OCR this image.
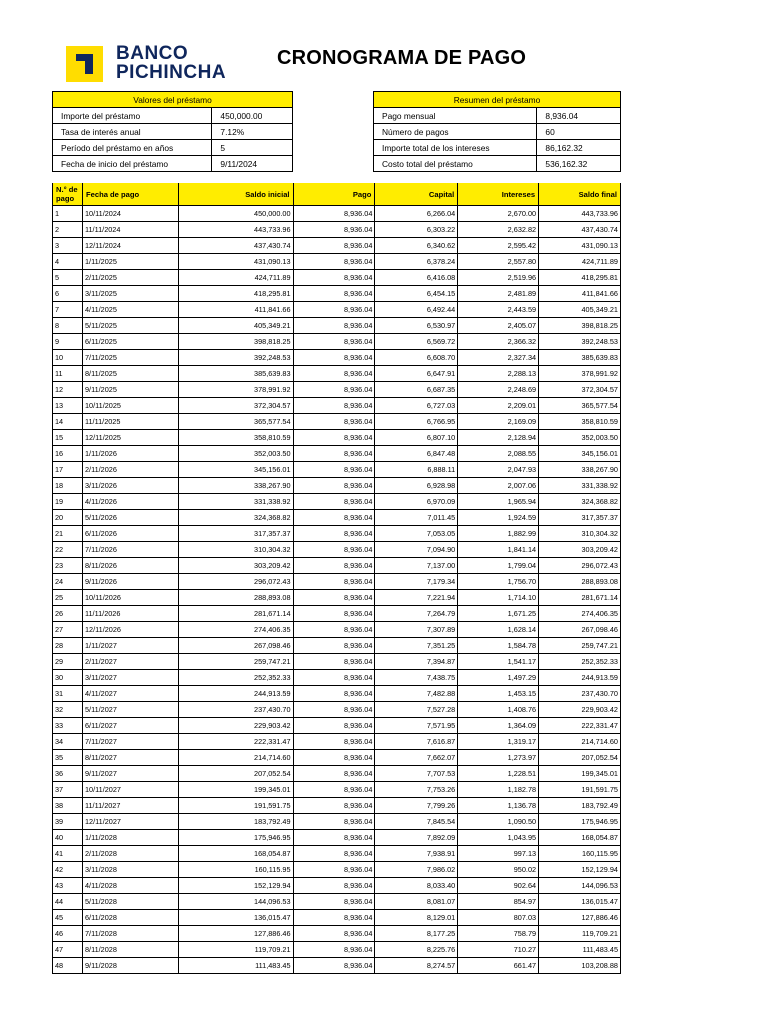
BANCO
PICHINCHA
CRONOGRAMA DE PAGO
Valores del préstamo	
Importe del préstamo	450,000.00
Tasa de interés anual	7.12%
Período del préstamo en años	5
Fecha de inicio del préstamo	9/11/2024
Resumen del préstamo	
Pago mensual	8,936.04
Número de pagos	60
Importe total de los intereses	86,162.32
Costo total del préstamo	536,162.32
N.° de pago	Fecha de pago	Saldo inicial	Pago	Capital	Intereses	Saldo final
1	10/11/2024	450,000.00	8,936.04	6,266.04	2,670.00	443,733.96
2	11/11/2024	443,733.96	8,936.04	6,303.22	2,632.82	437,430.74
3	12/11/2024	437,430.74	8,936.04	6,340.62	2,595.42	431,090.13
4	1/11/2025	431,090.13	8,936.04	6,378.24	2,557.80	424,711.89
5	2/11/2025	424,711.89	8,936.04	6,416.08	2,519.96	418,295.81
6	3/11/2025	418,295.81	8,936.04	6,454.15	2,481.89	411,841.66
7	4/11/2025	411,841.66	8,936.04	6,492.44	2,443.59	405,349.21
8	5/11/2025	405,349.21	8,936.04	6,530.97	2,405.07	398,818.25
9	6/11/2025	398,818.25	8,936.04	6,569.72	2,366.32	392,248.53
10	7/11/2025	392,248.53	8,936.04	6,608.70	2,327.34	385,639.83
11	8/11/2025	385,639.83	8,936.04	6,647.91	2,288.13	378,991.92
12	9/11/2025	378,991.92	8,936.04	6,687.35	2,248.69	372,304.57
13	10/11/2025	372,304.57	8,936.04	6,727.03	2,209.01	365,577.54
14	11/11/2025	365,577.54	8,936.04	6,766.95	2,169.09	358,810.59
15	12/11/2025	358,810.59	8,936.04	6,807.10	2,128.94	352,003.50
16	1/11/2026	352,003.50	8,936.04	6,847.48	2,088.55	345,156.01
17	2/11/2026	345,156.01	8,936.04	6,888.11	2,047.93	338,267.90
18	3/11/2026	338,267.90	8,936.04	6,928.98	2,007.06	331,338.92
19	4/11/2026	331,338.92	8,936.04	6,970.09	1,965.94	324,368.82
20	5/11/2026	324,368.82	8,936.04	7,011.45	1,924.59	317,357.37
21	6/11/2026	317,357.37	8,936.04	7,053.05	1,882.99	310,304.32
22	7/11/2026	310,304.32	8,936.04	7,094.90	1,841.14	303,209.42
23	8/11/2026	303,209.42	8,936.04	7,137.00	1,799.04	296,072.43
24	9/11/2026	296,072.43	8,936.04	7,179.34	1,756.70	288,893.08
25	10/11/2026	288,893.08	8,936.04	7,221.94	1,714.10	281,671.14
26	11/11/2026	281,671.14	8,936.04	7,264.79	1,671.25	274,406.35
27	12/11/2026	274,406.35	8,936.04	7,307.89	1,628.14	267,098.46
28	1/11/2027	267,098.46	8,936.04	7,351.25	1,584.78	259,747.21
29	2/11/2027	259,747.21	8,936.04	7,394.87	1,541.17	252,352.33
30	3/11/2027	252,352.33	8,936.04	7,438.75	1,497.29	244,913.59
31	4/11/2027	244,913.59	8,936.04	7,482.88	1,453.15	237,430.70
32	5/11/2027	237,430.70	8,936.04	7,527.28	1,408.76	229,903.42
33	6/11/2027	229,903.42	8,936.04	7,571.95	1,364.09	222,331.47
34	7/11/2027	222,331.47	8,936.04	7,616.87	1,319.17	214,714.60
35	8/11/2027	214,714.60	8,936.04	7,662.07	1,273.97	207,052.54
36	9/11/2027	207,052.54	8,936.04	7,707.53	1,228.51	199,345.01
37	10/11/2027	199,345.01	8,936.04	7,753.26	1,182.78	191,591.75
38	11/11/2027	191,591.75	8,936.04	7,799.26	1,136.78	183,792.49
39	12/11/2027	183,792.49	8,936.04	7,845.54	1,090.50	175,946.95
40	1/11/2028	175,946.95	8,936.04	7,892.09	1,043.95	168,054.87
41	2/11/2028	168,054.87	8,936.04	7,938.91	997.13	160,115.95
42	3/11/2028	160,115.95	8,936.04	7,986.02	950.02	152,129.94
43	4/11/2028	152,129.94	8,936.04	8,033.40	902.64	144,096.53
44	5/11/2028	144,096.53	8,936.04	8,081.07	854.97	136,015.47
45	6/11/2028	136,015.47	8,936.04	8,129.01	807.03	127,886.46
46	7/11/2028	127,886.46	8,936.04	8,177.25	758.79	119,709.21
47	8/11/2028	119,709.21	8,936.04	8,225.76	710.27	111,483.45
48	9/11/2028	111,483.45	8,936.04	8,274.57	661.47	103,208.88
